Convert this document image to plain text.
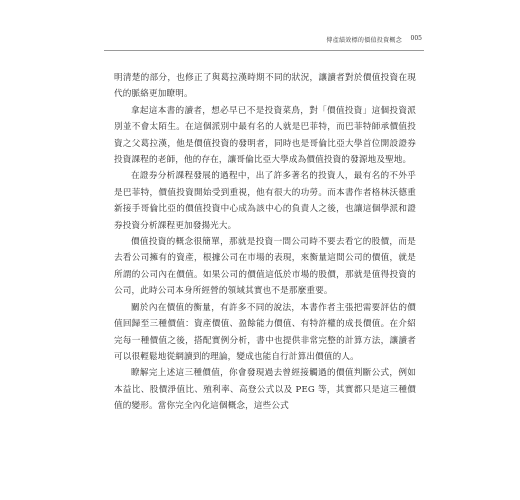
傳產績效標的價值投資概念 005

明清楚的部分，也修正了與葛拉漢時期不同的狀況，讓讀者對於價值投資在現代的脈絡更加瞭明。

拿起這本書的讀者，想必早已不是投資菜鳥，對「價值投資」這個投資派別並不會太陌生。在這個派別中最有名的人就是巴菲特，而巴菲特師承價值投資之父葛拉漢，他是價值投資的發明者，同時也是哥倫比亞大學首位開設證券投資課程的老師，他的存在，讓哥倫比亞大學成為價值投資的發源地及聖地。

在證券分析課程發展的過程中，出了許多著名的投資人，最有名的不外乎是巴菲特，價值投資開始受到重視，他有很大的功勞。而本書作者格林沃德重新接手哥倫比亞的價值投資中心成為該中心的負責人之後，也讓這個學派和證券投資分析課程更加發揚光大。

價值投資的概念很簡單，那就是投資一間公司時不要去看它的股價，而是去看公司擁有的資產，根據公司在市場的表現，來衡量這間公司的價值，就是所謂的公司內在價值。如果公司的價值這低於市場的股價，那就是值得投資的公司，此時公司本身所經營的領域其實也不是那麼重要。

關於內在價值的衡量，有許多不同的說法，本書作者主張把需要評估的價值回歸至三種價值：資產價值、盈餘能力價值、有特許權的成長價值。在介紹完每一種價值之後，搭配實例分析，書中也提供非常完整的計算方法，讓讀者可以很輕鬆地從網讀到的理論，變成也能自行計算出價值的人。

瞭解完上述這三種價值，你會發現過去曾經接觸過的價值判斷公式，例如本益比、股價淨值比、殖利率、高登公式以及 PEG 等，其實都只是這三種價值的變形。當你完全內化這個概念，這些公式
